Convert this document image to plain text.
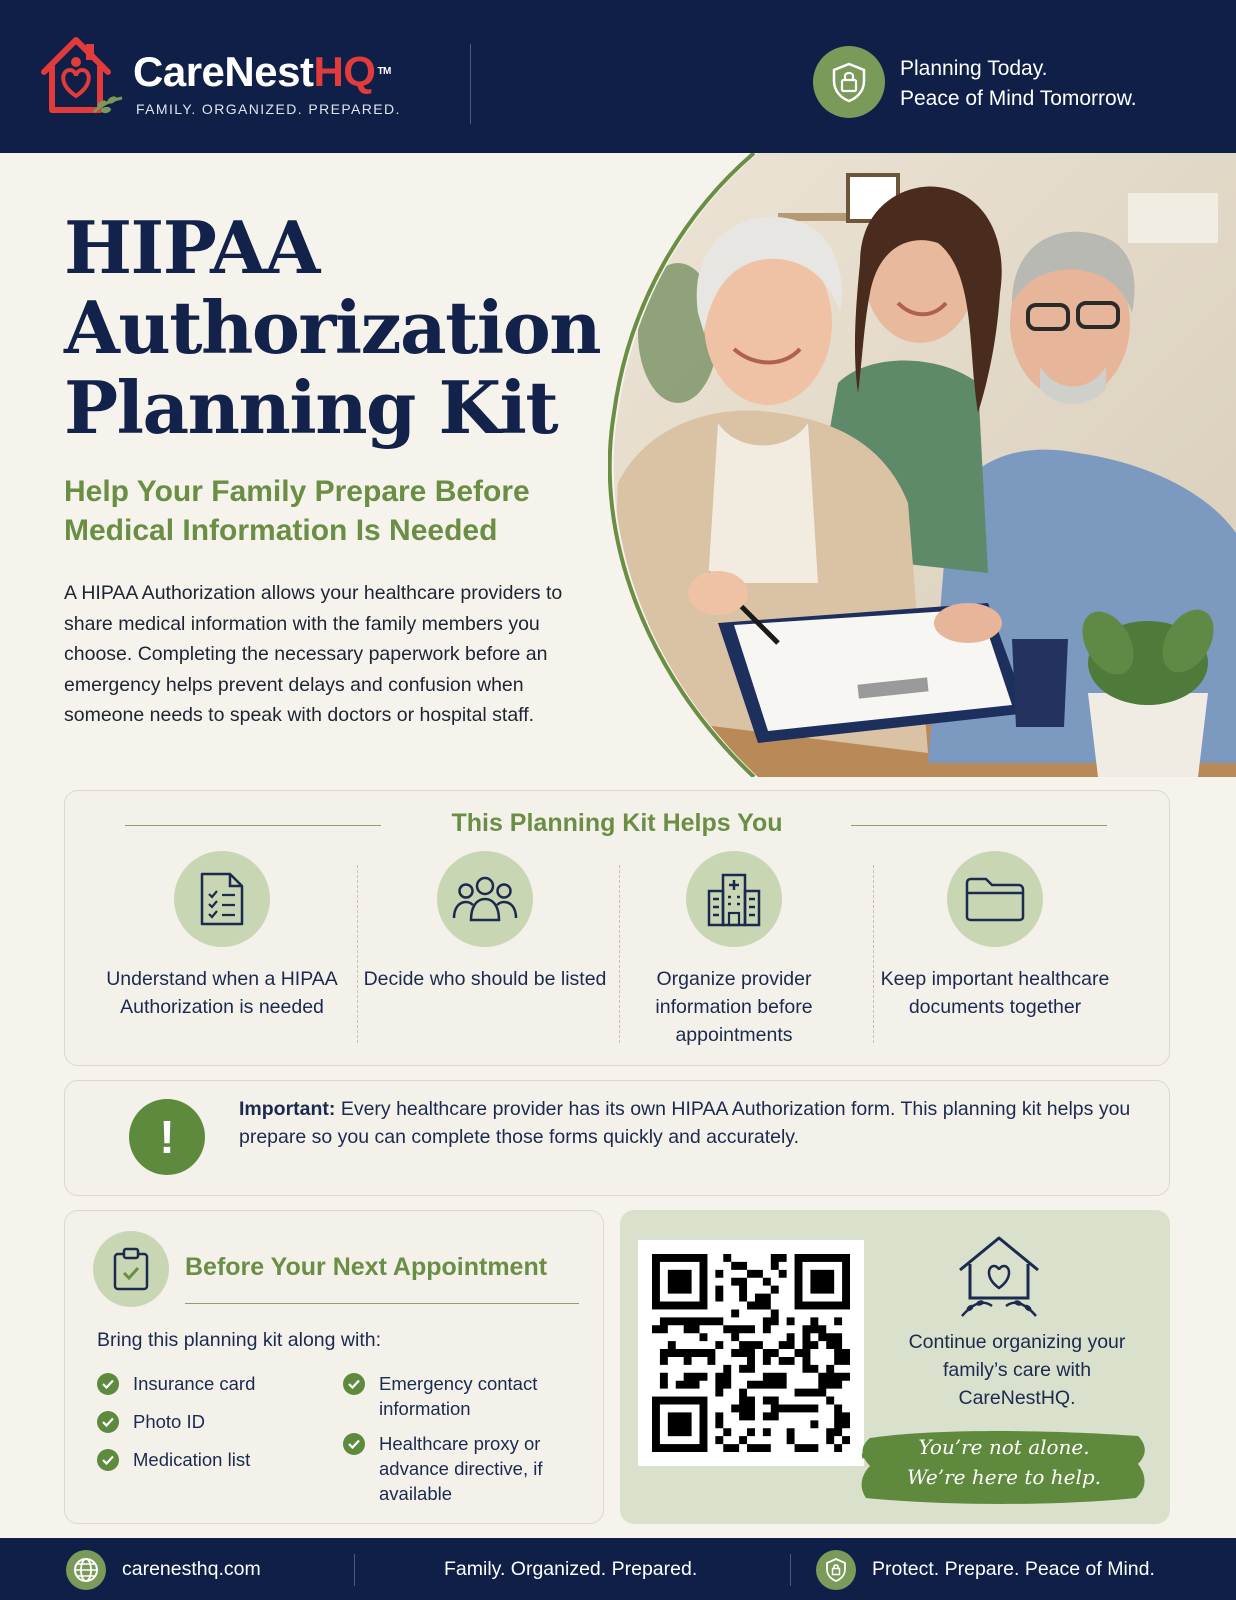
CareNestHQ ™
FAMILY. ORGANIZED. PREPARED.
Planning Today.
Peace of Mind Tomorrow.
HIPAA
Authorization
Planning Kit
Help Your Family Prepare Before Medical Information Is Needed
A HIPAA Authorization allows your healthcare providers to share medical information with the family members you choose. Completing the necessary paperwork before an emergency helps prevent delays and confusion when someone needs to speak with doctors or hospital staff.
This Planning Kit Helps You
Understand when a HIPAA Authorization is needed
Decide who should be listed	Organize provider information before appointments
Keep important healthcare documents together
!
Important: Every healthcare provider has its own HIPAA Authorization form. This planning kit helps you prepare so you can complete those forms quickly and accurately.
Before Your Next Appointment
Bring this planning kit along with:
Insurance card
Photo ID
Medication list
Emergency contact information
Healthcare proxy or advance directive, if available
Continue organizing your family’s care with CareNestHQ.
You’re not alone.
We’re here to help.
carenesthq.com	Family. Organized. Prepared.	Protect. Prepare. Peace of Mind.
